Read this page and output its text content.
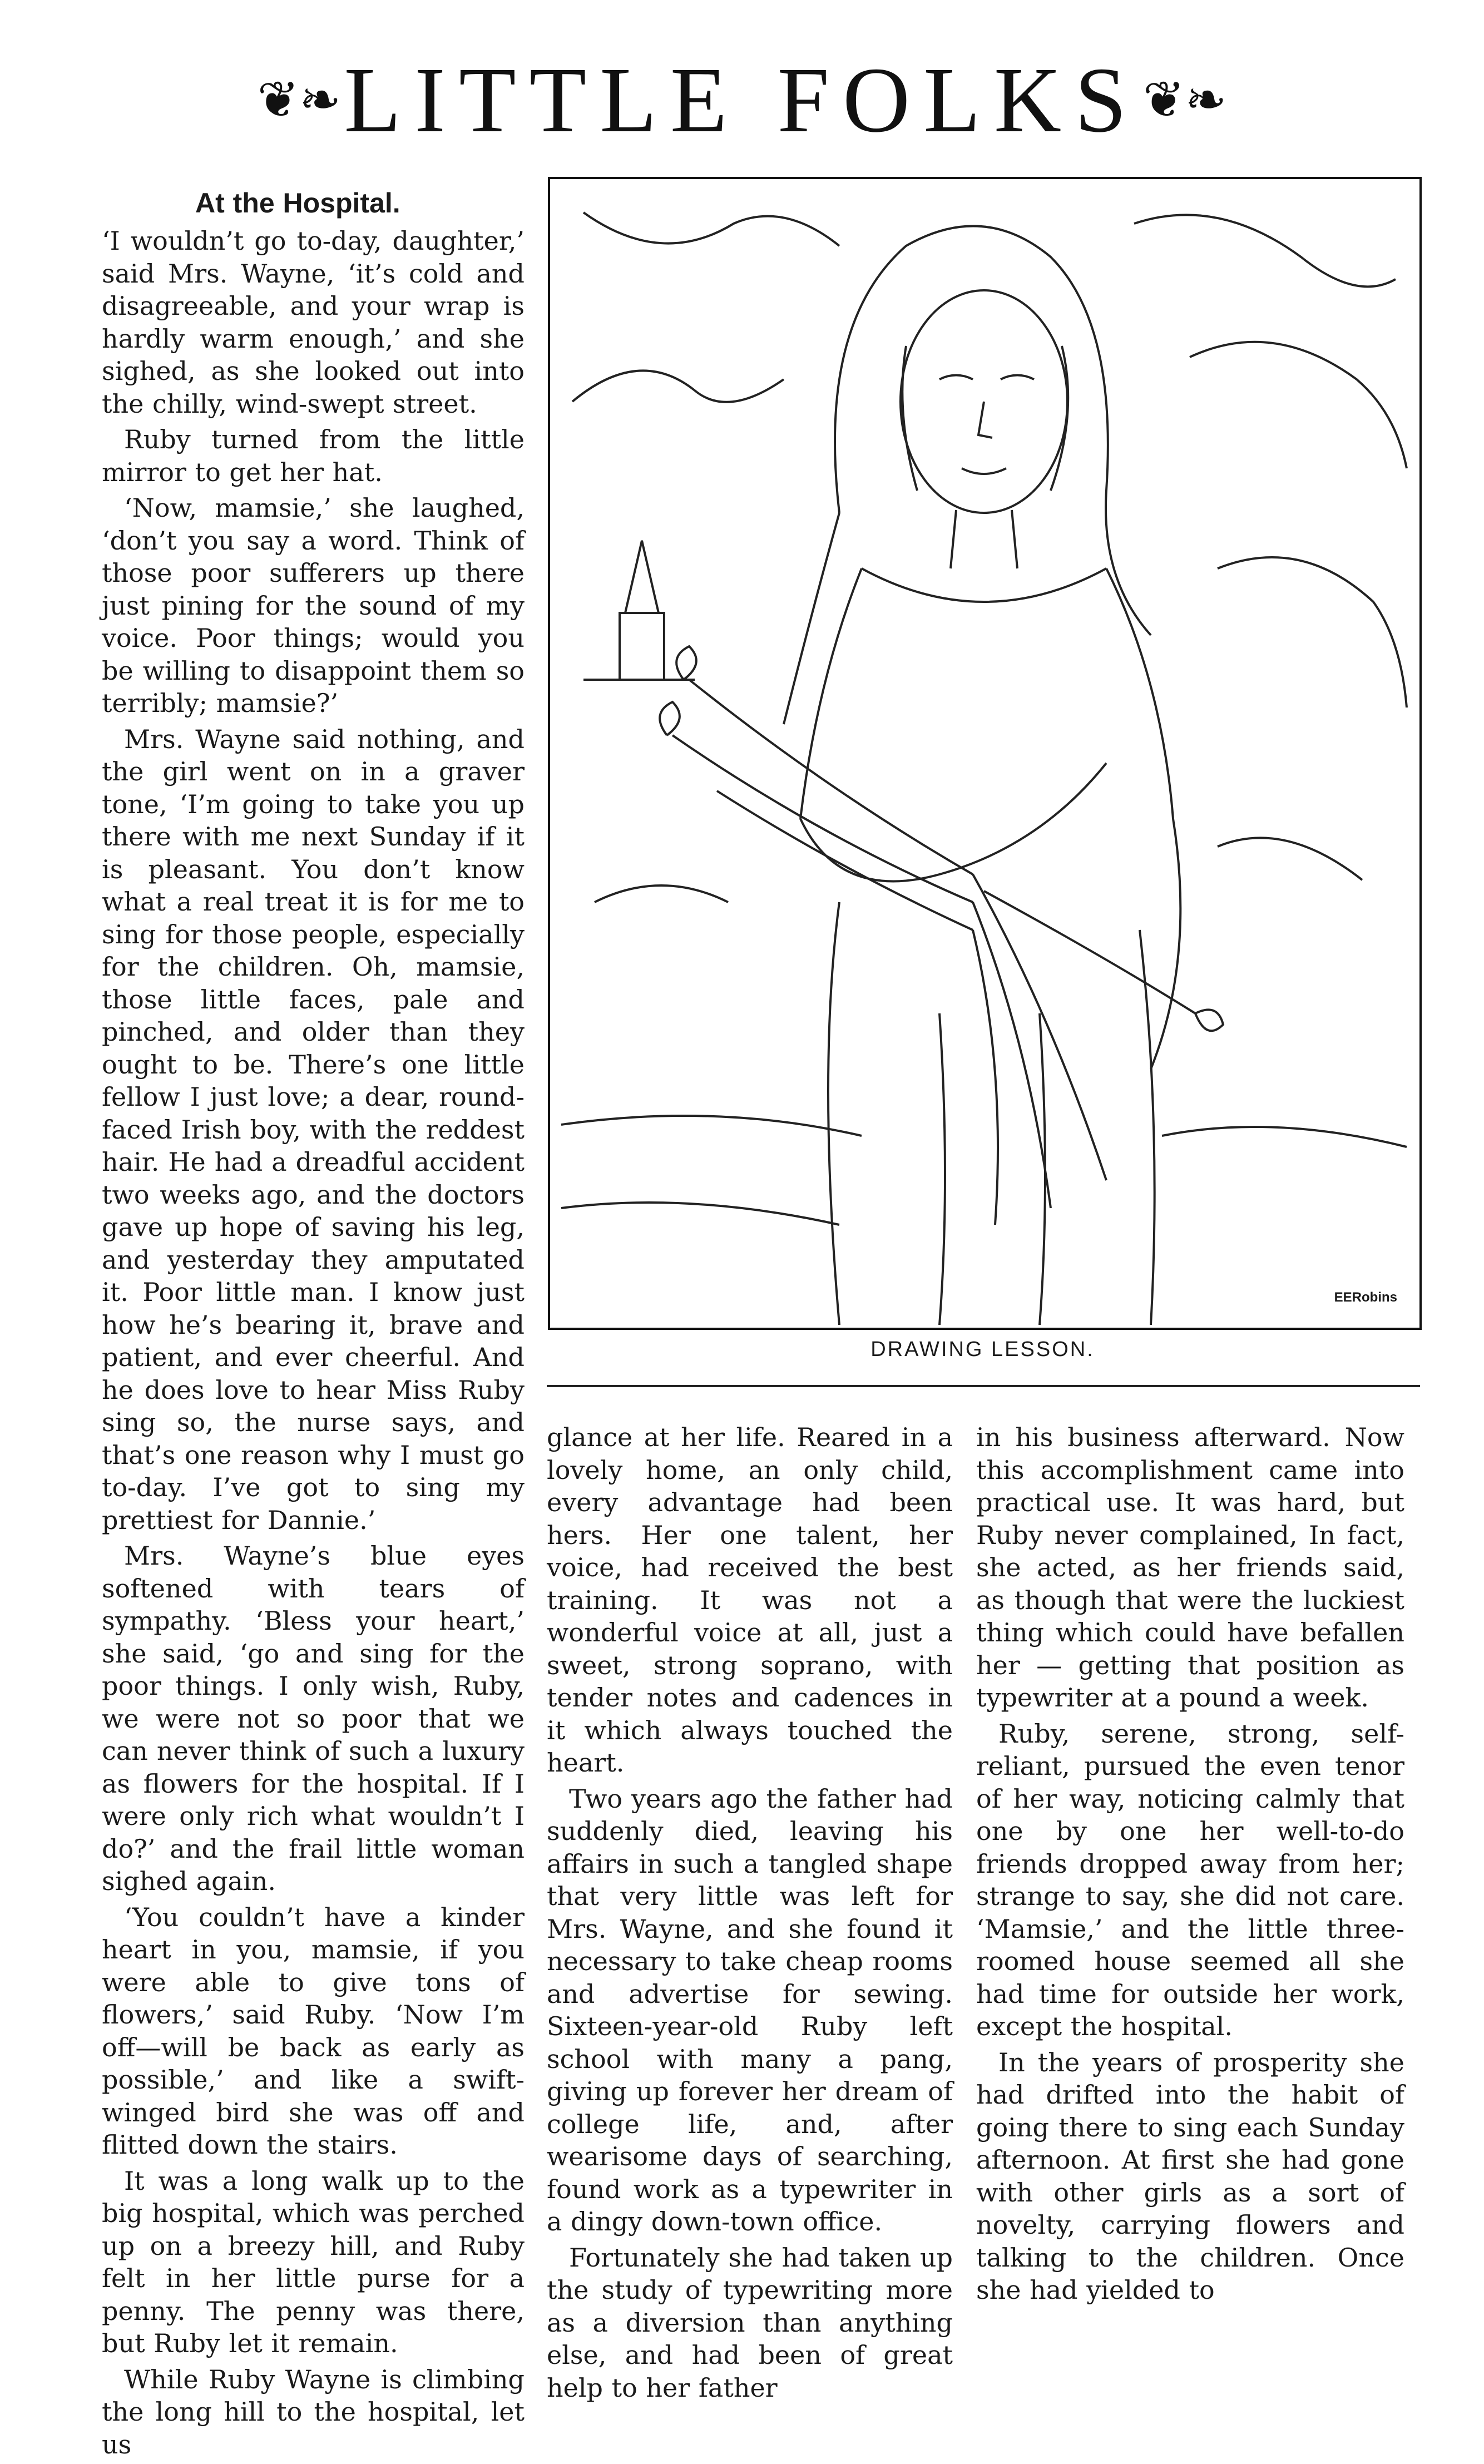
❦❧ LITTLE FOLKS ❦❧
At the Hospital.

‘I wouldn’t go to-day, daughter,’ said Mrs. Wayne, ‘it’s cold and disagreeable, and your wrap is hardly warm enough,’ and she sighed, as she looked out into the chilly, wind-swept street.

Ruby turned from the little mirror to get her hat.

‘Now, mamsie,’ she laughed, ‘don’t you say a word. Think of those poor sufferers up there just pining for the sound of my voice. Poor things; would you be willing to disappoint them so terribly; mamsie?’

Mrs. Wayne said nothing, and the girl went on in a graver tone, ‘I’m going to take you up there with me next Sunday if it is pleasant. You don’t know what a real treat it is for me to sing for those people, especially for the children. Oh, mamsie, those little faces, pale and pinched, and older than they ought to be. There’s one little fellow I just love; a dear, round-faced Irish boy, with the reddest hair. He had a dreadful accident two weeks ago, and the doctors gave up hope of saving his leg, and yesterday they amputated it. Poor little man. I know just how he’s bearing it, brave and patient, and ever cheerful. And he does love to hear Miss Ruby sing so, the nurse says, and that’s one reason why I must go to-day. I’ve got to sing my prettiest for Dannie.’

Mrs. Wayne’s blue eyes softened with tears of sympathy. ‘Bless your heart,’ she said, ‘go and sing for the poor things. I only wish, Ruby, we were not so poor that we can never think of such a luxury as flowers for the hospital. If I were only rich what wouldn’t I do?’ and the frail little woman sighed again.

‘You couldn’t have a kinder heart in you, mamsie, if you were able to give tons of flowers,’ said Ruby. ‘Now I’m off—will be back as early as possible,’ and like a swift-winged bird she was off and flitted down the stairs.

It was a long walk up to the big hospital, which was perched up on a breezy hill, and Ruby felt in her little purse for a penny. The penny was there, but Ruby let it remain.

While Ruby Wayne is climbing the long hill to the hospital, let us

EERobins
DRAWING LESSON.

glance at her life. Reared in a lovely home, an only child, every advantage had been hers. Her one talent, her voice, had received the best training. It was not a wonderful voice at all, just a sweet, strong soprano, with tender notes and cadences in it which always touched the heart.

Two years ago the father had suddenly died, leaving his affairs in such a tangled shape that very little was left for Mrs. Wayne, and she found it necessary to take cheap rooms and advertise for sewing. Sixteen-year-old Ruby left school with many a pang, giving up forever her dream of college life, and, after wearisome days of searching, found work as a typewriter in a dingy down-town office.

Fortunately she had taken up the study of typewriting more as a diversion than anything else, and had been of great help to her father

in his business afterward. Now this accomplishment came into practical use. It was hard, but Ruby never complained, In fact, she acted, as her friends said, as though that were the luckiest thing which could have befallen her — getting that position as typewriter at a pound a week.

Ruby, serene, strong, self-reliant, pursued the even tenor of her way, noticing calmly that one by one her well-to-do friends dropped away from her; strange to say, she did not care. ‘Mamsie,’ and the little three-roomed house seemed all she had time for outside her work, except the hospital.

In the years of prosperity she had drifted into the habit of going there to sing each Sunday afternoon. At first she had gone with other girls as a sort of novelty, carrying flowers and talking to the children. Once she had yielded to
